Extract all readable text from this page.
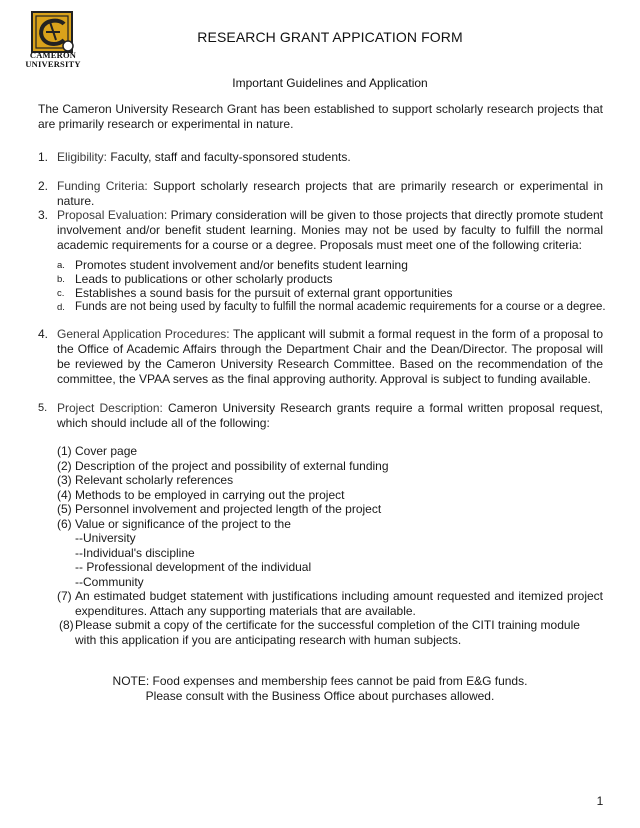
CAMERON
UNIVERSITY
RESEARCH GRANT APPICATION FORM
Important Guidelines and Application
The Cameron University Research Grant has been established to support scholarly research projects that are primarily research or experimental in nature.
1. Eligibility: Faculty, staff and faculty-sponsored students.
2. Funding Criteria: Support scholarly research projects that are primarily research or experimental in nature.
3. Proposal Evaluation: Primary consideration will be given to those projects that directly promote student involvement and/or benefit student learning. Monies may not be used by faculty to fulfill the normal academic requirements for a course or a degree. Proposals must meet one of the following criteria:
a. Promotes student involvement and/or benefits student learning
b. Leads to publications or other scholarly products
c. Establishes a sound basis for the pursuit of external grant opportunities
d. Funds are not being used by faculty to fulfill the normal academic requirements for a course or a degree.
4. General Application Procedures: The applicant will submit a formal request in the form of a proposal to the Office of Academic Affairs through the Department Chair and the Dean/Director. The proposal will be reviewed by the Cameron University Research Committee. Based on the recommendation of the committee, the VPAA serves as the final approving authority. Approval is subject to funding available.
5. Project Description: Cameron University Research grants require a formal written proposal request, which should include all of the following:
(1) Cover page
(2) Description of the project and possibility of external funding
(3) Relevant scholarly references
(4) Methods to be employed in carrying out the project
(5) Personnel involvement and projected length of the project
(6) Value or significance of the project to the
--University
--Individual's discipline
-- Professional development of the individual
--Community
(7) An estimated budget statement with justifications including amount requested and itemized project expenditures. Attach any supporting materials that are available.
(8) Please submit a copy of the certificate for the successful completion of the CITI training module with this application if you are anticipating research with human subjects.
NOTE: Food expenses and membership fees cannot be paid from E&G funds.
Please consult with the Business Office about purchases allowed.
1
